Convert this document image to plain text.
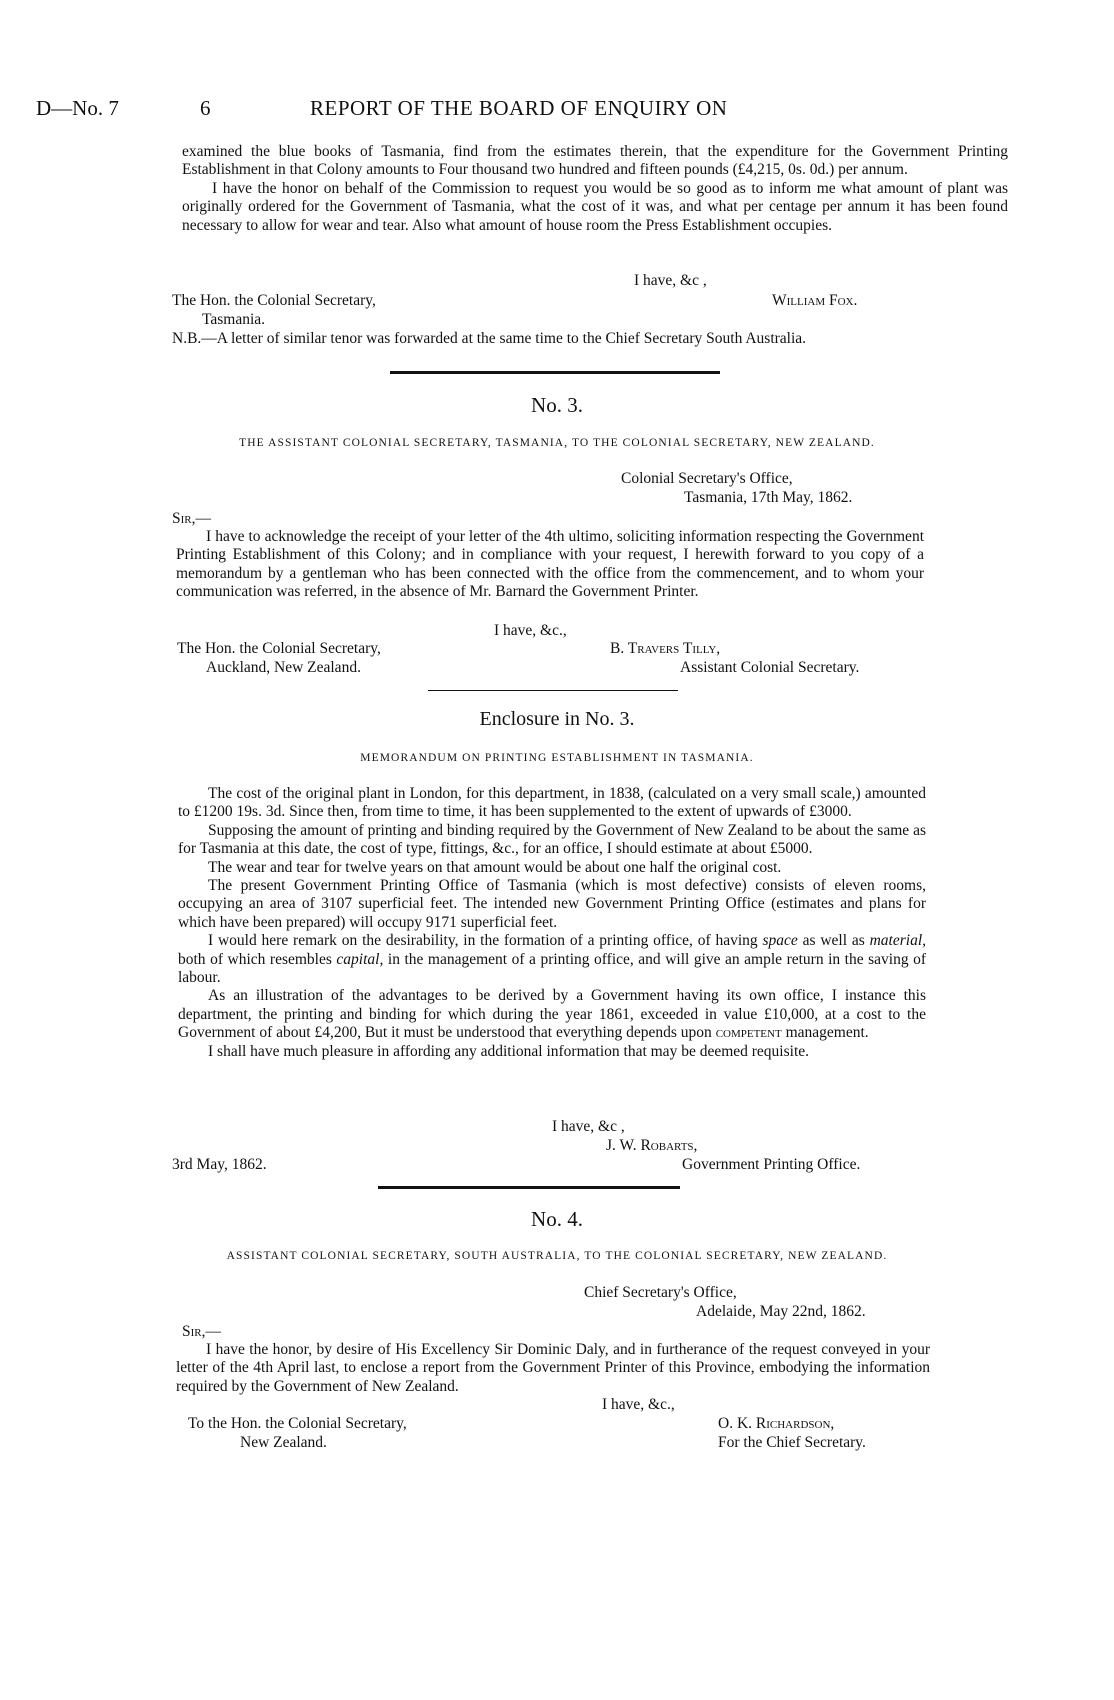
D—No. 7	6	REPORT OF THE BOARD OF ENQUIRY ON

examined the blue books of Tasmania, find from the estimates therein, that the expenditure for the Government Printing Establishment in that Colony amounts to Four thousand two hundred and fifteen pounds (£4,215, 0s. 0d.) per annum.

I have the honor on behalf of the Commission to request you would be so good as to inform me what amount of plant was originally ordered for the Government of Tasmania, what the cost of it was, and what per centage per annum it has been found necessary to allow for wear and tear. Also what amount of house room the Press Establishment occupies.

I have, &c ,
The Hon. the Colonial Secretary,	William Fox.
Tasmania.

N.B.—A letter of similar tenor was forwarded at the same time to the Chief Secretary South Australia.

No. 3.
THE ASSISTANT COLONIAL SECRETARY, TASMANIA, TO THE COLONIAL SECRETARY, NEW ZEALAND.
Colonial Secretary's Office,
Tasmania, 17th May, 1862.
Sir,—

I have to acknowledge the receipt of your letter of the 4th ultimo, soliciting information respecting the Government Printing Establishment of this Colony; and in compliance with your request, I herewith forward to you copy of a memorandum by a gentleman who has been connected with the office from the commencement, and to whom your communication was referred, in the absence of Mr. Barnard the Government Printer.

I have, &c.,
The Hon. the Colonial Secretary,	B. Travers Tilly,
Auckland, New Zealand.	Assistant Colonial Secretary.
Enclosure in No. 3.
MEMORANDUM ON PRINTING ESTABLISHMENT IN TASMANIA.

The cost of the original plant in London, for this department, in 1838, (calculated on a very small scale,) amounted to £1200 19s. 3d. Since then, from time to time, it has been supplemented to the extent of upwards of £3000.

Supposing the amount of printing and binding required by the Government of New Zealand to be about the same as for Tasmania at this date, the cost of type, fittings, &c., for an office, I should estimate at about £5000.

The wear and tear for twelve years on that amount would be about one half the original cost.

The present Government Printing Office of Tasmania (which is most defective) consists of eleven rooms, occupying an area of 3107 superficial feet. The intended new Government Printing Office (estimates and plans for which have been prepared) will occupy 9171 superficial feet.

I would here remark on the desirability, in the formation of a printing office, of having space as well as material, both of which resembles capital, in the management of a printing office, and will give an ample return in the saving of labour.

As an illustration of the advantages to be derived by a Government having its own office, I instance this department, the printing and binding for which during the year 1861, exceeded in value £10,000, at a cost to the Government of about £4,200, But it must be understood that everything depends upon competent management.

I shall have much pleasure in affording any additional information that may be deemed requisite.

I have, &c ,
J. W. Robarts,
3rd May, 1862.	Government Printing Office.
No. 4.
ASSISTANT COLONIAL SECRETARY, SOUTH AUSTRALIA, TO THE COLONIAL SECRETARY, NEW ZEALAND.
Chief Secretary's Office,
Adelaide, May 22nd, 1862.
Sir,—

I have the honor, by desire of His Excellency Sir Dominic Daly, and in furtherance of the request conveyed in your letter of the 4th April last, to enclose a report from the Government Printer of this Province, embodying the information required by the Government of New Zealand.

I have, &c.,
To the Hon. the Colonial Secretary,	O. K. Richardson,
New Zealand.	For the Chief Secretary.
